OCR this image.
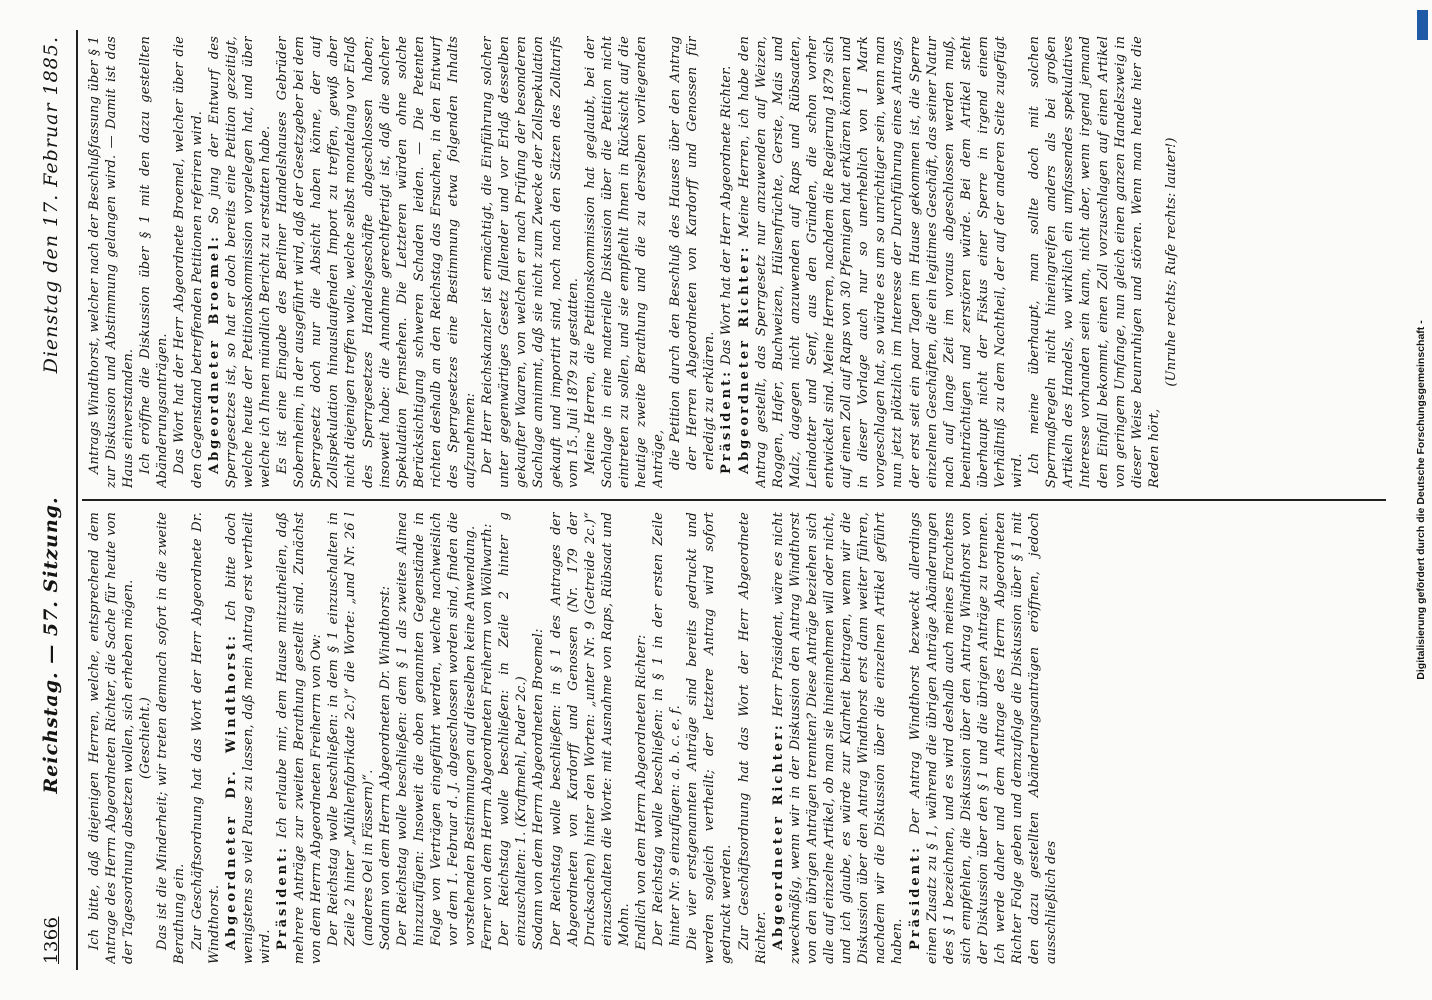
1366
Reichstag. — 57. Sitzung.
Dienstag den 17. Februar 1885.

Ich bitte, daß diejenigen Herren, welche, entsprechend dem Antrage des Herrn Abgeordneten Richter, die Sache für heute von der Tagesordnung absetzen wollen, sich erheben mögen. (Geschieht.) Das ist die Minderheit; wir treten demnach sofort in die zweite Berathung ein. Zur Geschäftsordnung hat das Wort der Herr Abgeordnete Dr. Windthorst. Abgeordneter Dr. Windthorst: Ich bitte doch wenigstens so viel Pause zu lassen, daß mein Antrag erst vertheilt wird. Präsident: Ich erlaube mir, dem Hause mitzutheilen, daß mehrere Anträge zur zweiten Berathung gestellt sind. Zunächst von dem Herrn Abgeordneten Freiherrn von Ow: Der Reichstag wolle beschließen: in dem § 1 einzuschalten in Zeile 2 hinter „Mühlenfabrikate 2c.)“ die Worte: „und Nr. 26 l (anderes Oel in Fässern)“. Sodann von dem Herrn Abgeordneten Dr. Windthorst: Der Reichstag wolle beschließen: dem § 1 als zweites Alinea hinzuzufügen: Insoweit die oben genannten Gegenstände in Folge von Verträgen eingeführt werden, welche nachweislich vor dem 1. Februar d. J. abgeschlossen worden sind, finden die vorstehenden Bestimmungen auf dieselben keine Anwendung. Ferner von dem Herrn Abgeordneten Freiherrn von Wöllwarth: Der Reichstag wolle beschließen: in Zeile 2 hinter g einzuschalten: 1. (Kraftmehl, Puder 2c.) Sodann von dem Herrn Abgeordneten Broemel: Der Reichstag wolle beschließen: in § 1 des Antrages der Abgeordneten von Kardorff und Genossen (Nr. 179 der Drucksachen) hinter den Worten: „unter Nr. 9 (Getreide 2c.)“ einzuschalten die Worte: mit Ausnahme von Raps, Rübsaat und Mohn. Endlich von dem Herrn Abgeordneten Richter: Der Reichstag wolle beschließen: in § 1 in der ersten Zeile hinter Nr. 9 einzufügen: a. b. c. e. f. Die vier erstgenannten Anträge sind bereits gedruckt und werden sogleich vertheilt; der letztere Antrag wird sofort gedruckt werden. Zur Geschäftsordnung hat das Wort der Herr Abgeordnete Richter. Abgeordneter Richter: Herr Präsident, wäre es nicht zweckmäßig, wenn wir in der Diskussion den Antrag Windthorst von den übrigen Anträgen trennten? Diese Anträge beziehen sich alle auf einzelne Artikel, ob man sie hineinnehmen will oder nicht, und ich glaube, es würde zur Klarheit beitragen, wenn wir die Diskussion über den Antrag Windthorst erst dann weiter führen, nachdem wir die Diskussion über die einzelnen Artikel geführt haben. Präsident: Der Antrag Windthorst bezweckt allerdings einen Zusatz zu § 1, während die übrigen Anträge Abänderungen des § 1 bezeichnen, und es wird deshalb auch meines Erachtens sich empfehlen, die Diskussion über den Antrag Windthorst von der Diskussion über den § 1 und die übrigen Anträge zu trennen. Ich werde daher und dem Antrage des Herrn Abgeordneten Richter Folge geben und demzufolge die Diskussion über § 1 mit den dazu gestellten Abänderungsanträgen eröffnen, jedoch ausschließlich des

Antrags Windthorst, welcher nach der Beschlußfassung über § 1 zur Diskussion und Abstimmung gelangen wird. — Damit ist das Haus einverstanden. Ich eröffne die Diskussion über § 1 mit den dazu gestellten Abänderungsanträgen. Das Wort hat der Herr Abgeordnete Broemel, welcher über die den Gegenstand betreffenden Petitionen referiren wird. Abgeordneter Broemel: So jung der Entwurf des Sperrgesetzes ist, so hat er doch bereits eine Petition gezeitigt, welche heute der Petitionskommission vorgelegen hat, und über welche ich Ihnen mündlich Bericht zu erstatten habe. Es ist eine Eingabe des Berliner Handelshauses Gebrüder Sobernheim, in der ausgeführt wird, daß der Gesetzgeber bei dem Sperrgesetz doch nur die Absicht haben könne, der auf Zollspekulation hinauslaufenden Import zu treffen, gewiß aber nicht diejenigen treffen wolle, welche selbst monatelang vor Erlaß des Sperrgesetzes Handelsgeschäfte abgeschlossen haben; insoweit habe: die Annahme gerechtfertigt ist, daß die solcher Spekulation fernstehen. Die Letzteren würden ohne solche Berücksichtigung schweren Schaden leiden. — Die Petenten richten deshalb an den Reichstag das Ersuchen, in den Entwurf des Sperrgesetzes eine Bestimmung etwa folgenden Inhalts aufzunehmen: Der Herr Reichskanzler ist ermächtigt, die Einführung solcher unter gegenwärtiges Gesetz fallender und vor Erlaß desselben gekaufter Waaren, von welchen er nach Prüfung der besonderen Sachlage annimmt, daß sie nicht zum Zwecke der Zollspekulation gekauft und importirt sind, noch nach den Sätzen des Zolltarifs vom 15. Juli 1879 zu gestatten. Meine Herren, die Petitionskommission hat geglaubt, bei der Sachlage in eine materielle Diskussion über die Petition nicht eintreten zu sollen, und sie empfiehlt Ihnen in Rücksicht auf die heutige zweite Berathung und die zu derselben vorliegenden Anträge, die Petition durch den Beschluß des Hauses über den Antrag der Herren Abgeordneten von Kardorff und Genossen für erledigt zu erklären. Präsident: Das Wort hat der Herr Abgeordnete Richter. Abgeordneter Richter: Meine Herren, ich habe den Antrag gestellt, das Sperrgesetz nur anzuwenden auf Weizen, Roggen, Hafer, Buchweizen, Hülsenfrüchte, Gerste, Mais und Malz, dagegen nicht anzuwenden auf Raps und Rübsaaten, Leindotter und Senf, aus den Gründen, die schon vorher entwickelt sind. Meine Herren, nachdem die Regierung 1879 sich auf einen Zoll auf Raps von 30 Pfennigen hat erklären können und in dieser Vorlage auch nur so unerheblich von 1 Mark vorgeschlagen hat, so würde es um so unrichtiger sein, wenn man nun jetzt plötzlich im Interesse der Durchführung eines Antrags, der erst seit ein paar Tagen im Hause gekommen ist, die Sperre einzelnen Geschäften, die ein legitimes Geschäft, das seiner Natur nach auf lange Zeit im voraus abgeschlossen werden muß, beeinträchtigen und zerstören würde. Bei dem Artikel steht überhaupt nicht der Fiskus einer Sperre in irgend einem Verhältniß zu dem Nachtheil, der auf der anderen Seite zugefügt wird. Ich meine überhaupt, man sollte doch mit solchen Sperrmaßregeln nicht hineingreifen anders als bei großen Artikeln des Handels, wo wirklich ein umfassendes spekulatives Interesse vorhanden sein kann, nicht aber, wenn irgend jemand den Einfall bekommt, einen Zoll vorzuschlagen auf einen Artikel von geringem Umfange, nun gleich einen ganzen Handelszweig in dieser Weise beunruhigen und stören. Wenn man heute hier die Reden hört,

(Unruhe rechts; Rufe rechts: lauter!)

Digitalisierung gefördert durch die Deutsche Forschungsgemeinschaft -
